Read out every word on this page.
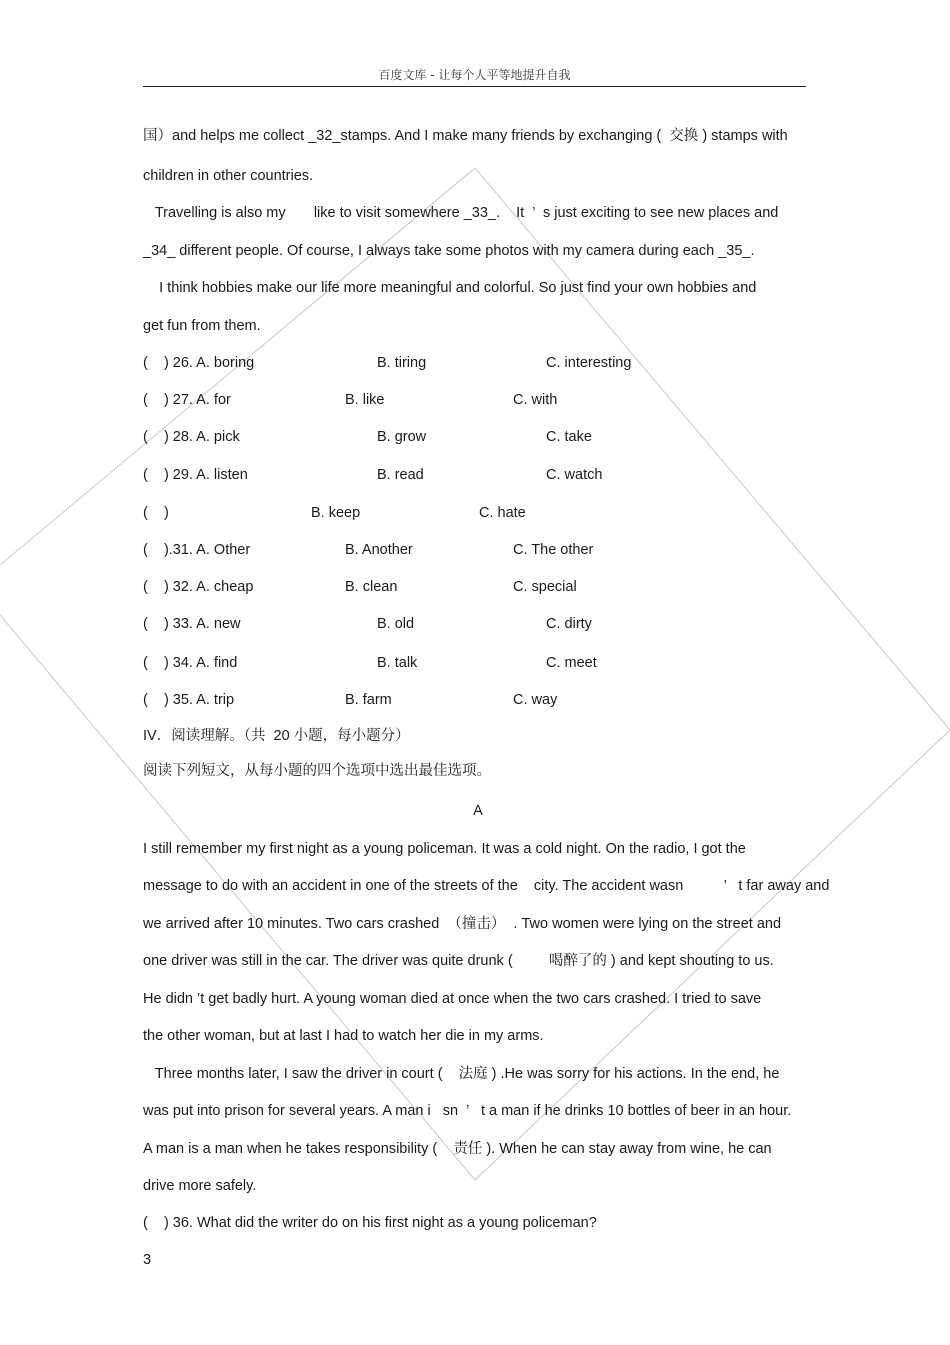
百度文库 - 让每个人平等地提升自我
国）and helps me collect _32_stamps. And I make many friends by exchanging (  交换 ) stamps with
children in other countries.
Travelling is also my       like to visit somewhere _33_.    It  ’  s just exciting to see new places and
_34_ different people. Of course, I always take some photos with my camera during each _35_.
I think hobbies make our life more meaningful and colorful. So just find your own hobbies and
get fun from them.
(    ) 26. A. boring	B. tiring	C. interesting
(    ) 27. A. for	B. like	C. with
(    ) 28. A. pick	B. grow	C. take
(    ) 29. A. listen	B. read	C. watch
(    )	B. keep	C. hate
(    ).31. A. Other	B. Another	C. The other
(    ) 32. A. cheap	B. clean	C. special
(    ) 33. A. new	B. old	C. dirty
(    ) 34. A. find	B. talk	C. meet
(    ) 35. A. trip	B. farm	C. way
IV．阅读理解。（共  20 小题，每小题分）
阅读下列短文，从每小题的四个选项中选出最佳选项。
A
I still remember my first night as a young policeman. It was a cold night. On the radio, I got the
message to do with an accident in one of the streets of the    city. The accident wasn          ’   t far away and
we arrived after 10 minutes. Two cars crashed  （撞击）  . Two women were lying on the street and
one driver was still in the car. The driver was quite drunk (         喝醉了的 ) and kept shouting to us.
He didn ’t get badly hurt. A young woman died at once when the two cars crashed. I tried to save
the other woman, but at last I had to watch her die in my arms.
Three months later, I saw the driver in court (    法庭 ) .He was sorry for his actions. In the end, he
was put into prison for several years. A man i   sn  ’   t a man if he drinks 10 bottles of beer in an hour.
A man is a man when he takes responsibility (    责任 ). When he can stay away from wine, he can
drive more safely.
(    ) 36. What did the writer do on his first night as a young policeman?
3
